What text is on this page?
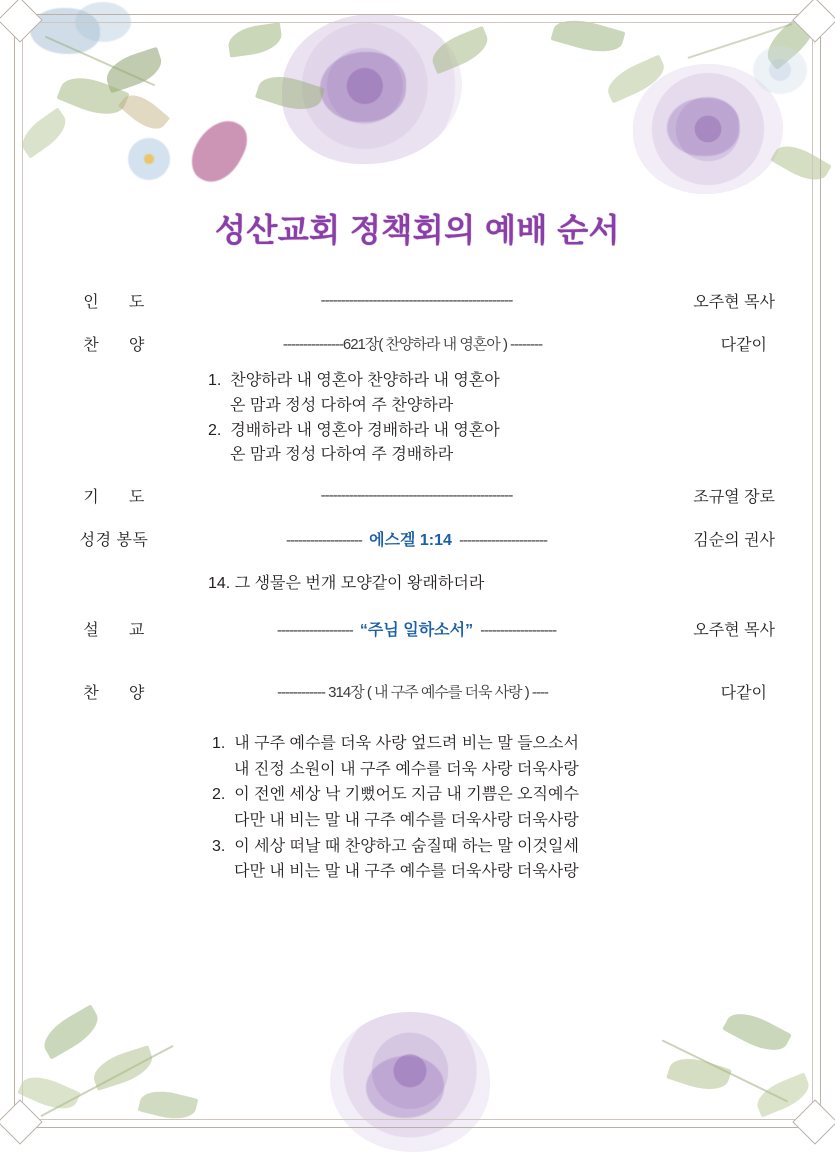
성산교회 정책회의 예배 순서
인      도	------------------------------------------------	오주현 목사
찬      양	---------------621장( 찬양하라 내 영혼아 ) --------	다같이
1.  찬양하라 내 영혼아 찬양하라 내 영혼아
온 맘과 정성 다하여 주 찬양하라
2.  경배하라 내 영혼아 경배하라 내 영혼아
온 맘과 정성 다하여 주 경배하라
기      도	------------------------------------------------	조규열 장로
성경 봉독	------------------- 에스겔 1:14 ----------------------	김순의 권사
14. 그 생물은 번개 모양같이 왕래하더라
설      교	------------------- “주님 일하소서” -------------------	오주현 목사
찬      양	------------ 314장 ( 내 구주 예수를 더욱 사랑 ) ----	다같이
1.  내 구주 예수를 더욱 사랑 엎드려 비는 말 들으소서
내 진정 소원이 내 구주 예수를 더욱 사랑 더욱사랑
2.  이 전엔 세상 낙 기뻤어도 지금 내 기쁨은 오직예수
다만 내 비는 말 내 구주 예수를 더욱사랑 더욱사랑
3.  이 세상 떠날 때 찬양하고 숨질때 하는 말 이것일세
다만 내 비는 말 내 구주 예수를 더욱사랑 더욱사랑
